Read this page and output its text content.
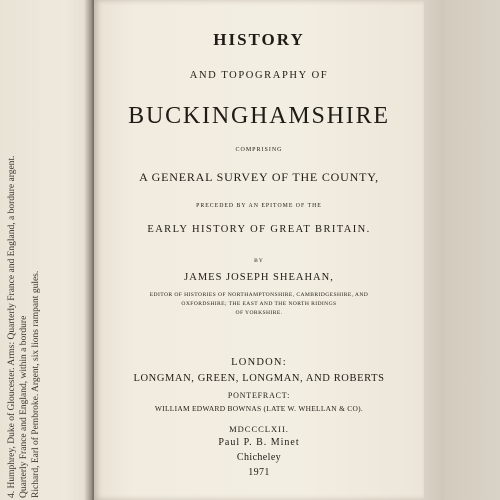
4. Humphrey, Duke of Gloucester. Arms: Quarterly France and England, a bordure argent. Quarterly France and England, within a bordure Richard, Earl of Pembroke. Argent, six lions rampant gules.
HISTORY
AND TOPOGRAPHY OF
BUCKINGHAMSHIRE
COMPRISING
A GENERAL SURVEY OF THE COUNTY,
PRECEDED BY AN EPITOME OF THE
EARLY HISTORY OF GREAT BRITAIN.
BY
JAMES JOSEPH SHEAHAN,
EDITOR OF HISTORIES OF NORTHAMPTONSHIRE, CAMBRIDGESHIRE, AND
OXFORDSHIRE; THE EAST AND THE NORTH RIDINGS
OF YORKSHIRE.
LONDON:
LONGMAN, GREEN, LONGMAN, AND ROBERTS
PONTEFRACT:
WILLIAM EDWARD BOWNAS (LATE W. WHELLAN & CO).
MDCCCLXII.
Paul P. B. Minet
Chicheley
1971
